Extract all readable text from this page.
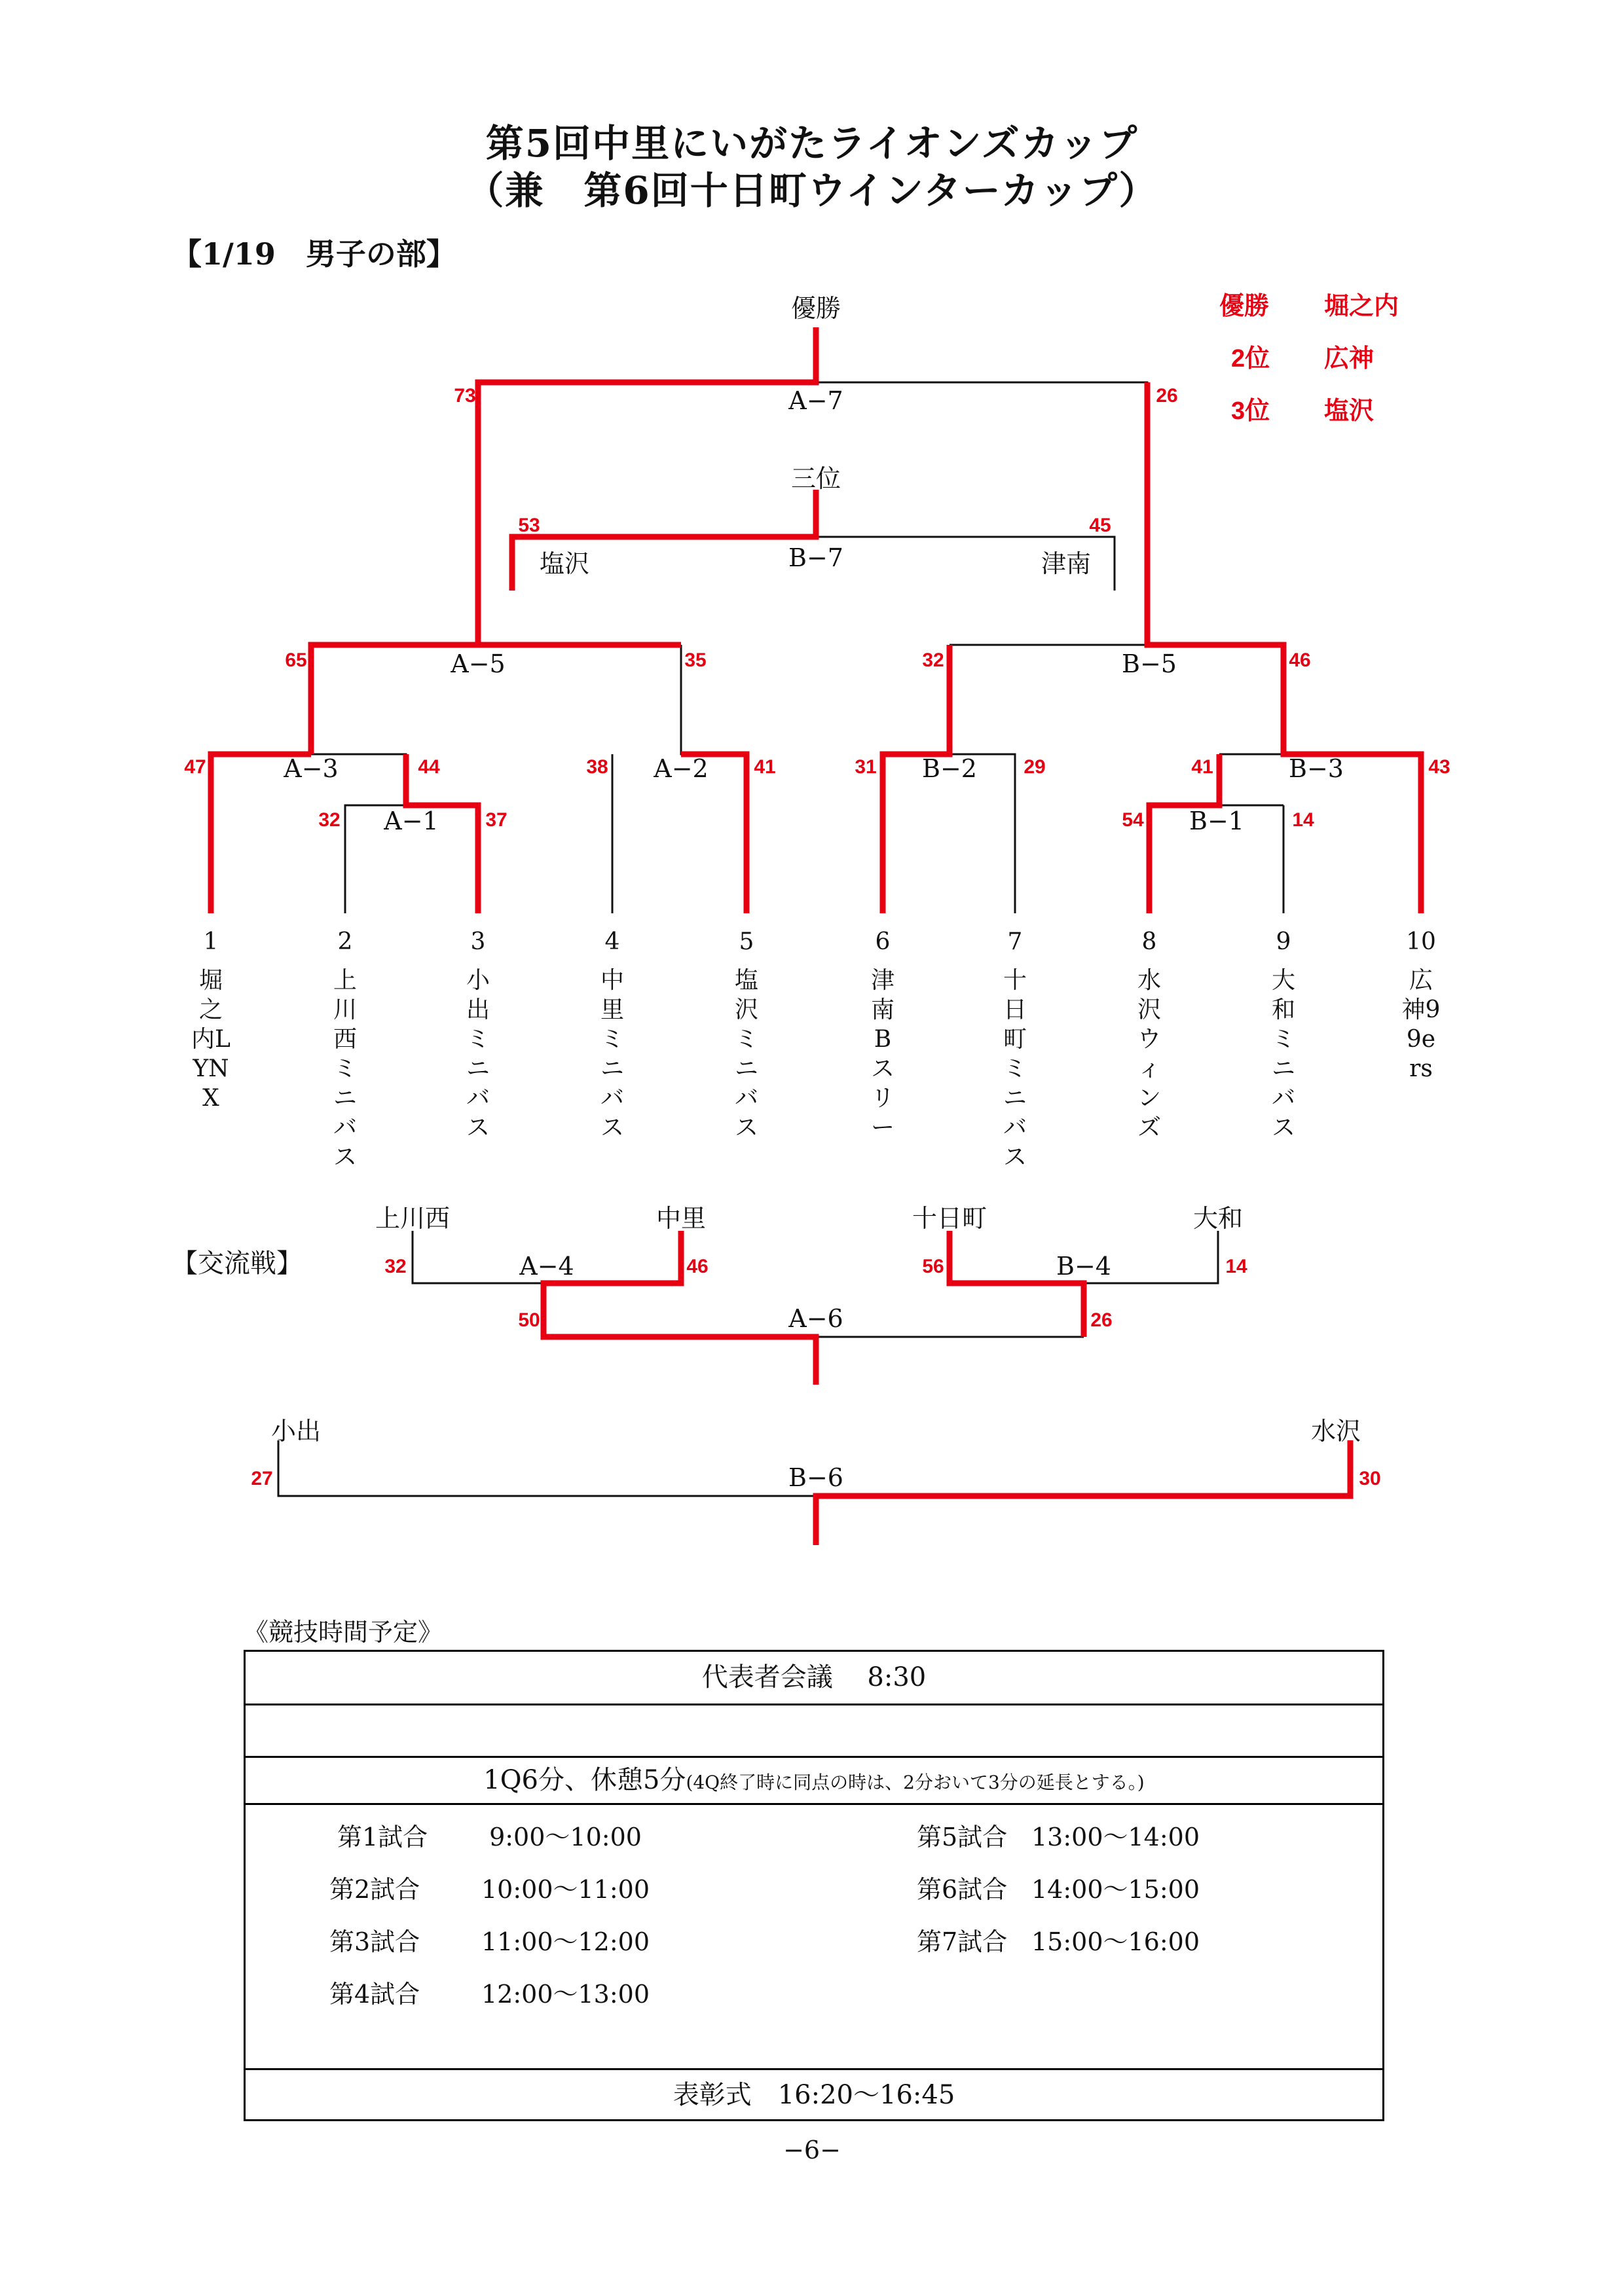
第5回中里にいがたライオンズカップ
（兼　第6回十日町ウインターカップ）
【1/19　男子の部】
優勝 堀之内
2位 広神
3位 塩沢
優勝
A−7
三位
塩沢	B−7	津南
A−5	B−5
A−3	A−2
A−1
B−2	B−3
B−1
73	26
53	45
65	35	32	46
47	44
32	37
38	41	31	29	41	43
54	14
1	2	3	4	5	6	7	8	9	10
堀之内LYNX
上川西ミニバス
小出ミニバス
中里ミニバス
塩沢ミニバス
津南Bスリー
十日町ミニバス
水沢ウィンズ
大和ミニバス
広神99ers
【交流戦】
上川西	中里	十日町	大和
A−4	B−4
A−6
小出	水沢
B−6
32	46	56	14
50	26
27	30
《競技時間予定》
代表者会議　 8:30
1Q6分、休憩5分(4Q終了時に同点の時は、2分おいて3分の延長とする。)
第1試合 9:00～10:00
第2試合 10:00～11:00
第3試合 11:00～12:00
第4試合 12:00～13:00
第5試合 13:00～14:00
第6試合 14:00～15:00
第7試合 15:00～16:00
表彰式　16:20～16:45
−6−
